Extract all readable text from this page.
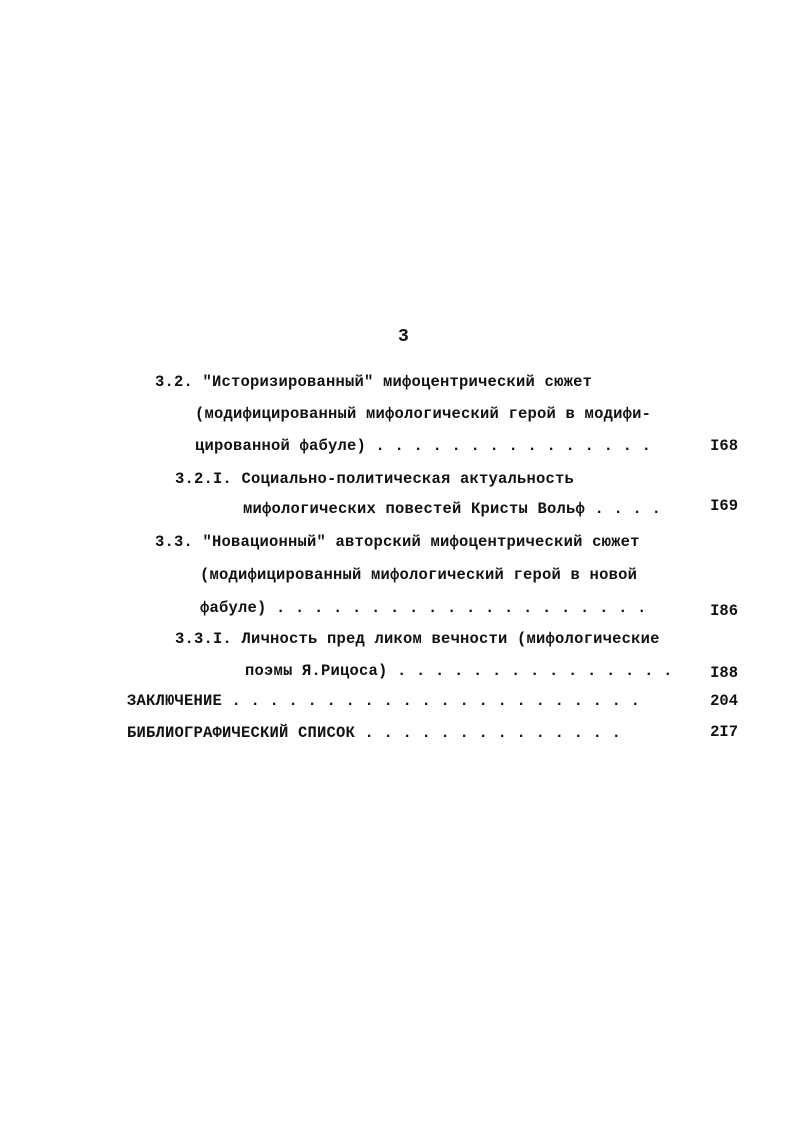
3
3.2. "Историзированный" мифоцентрический сюжет
(модифицированный мифологический герой в модифи-
цированной фабуле) . . . . . . . . . . . . . . .	I68
3.2.I. Социально-политическая актуальность
мифологических повестей Кристы Вольф . . . .	I69
3.3. "Новационный" авторский мифоцентрический сюжет
(модифицированный мифологический герой в новой
фабуле) . . . . . . . . . . . . . . . . . . . .	I86
3.3.I. Личность пред ликом вечности (мифологические
поэмы Я.Рицоса) . . . . . . . . . . . . . . .	I88
ЗАКЛЮЧЕНИЕ . . . . . . . . . . . . . . . . . . . . . .	204
БИБЛИОГРАФИЧЕСКИЙ СПИСОК . . . . . . . . . . . . . .	2I7
